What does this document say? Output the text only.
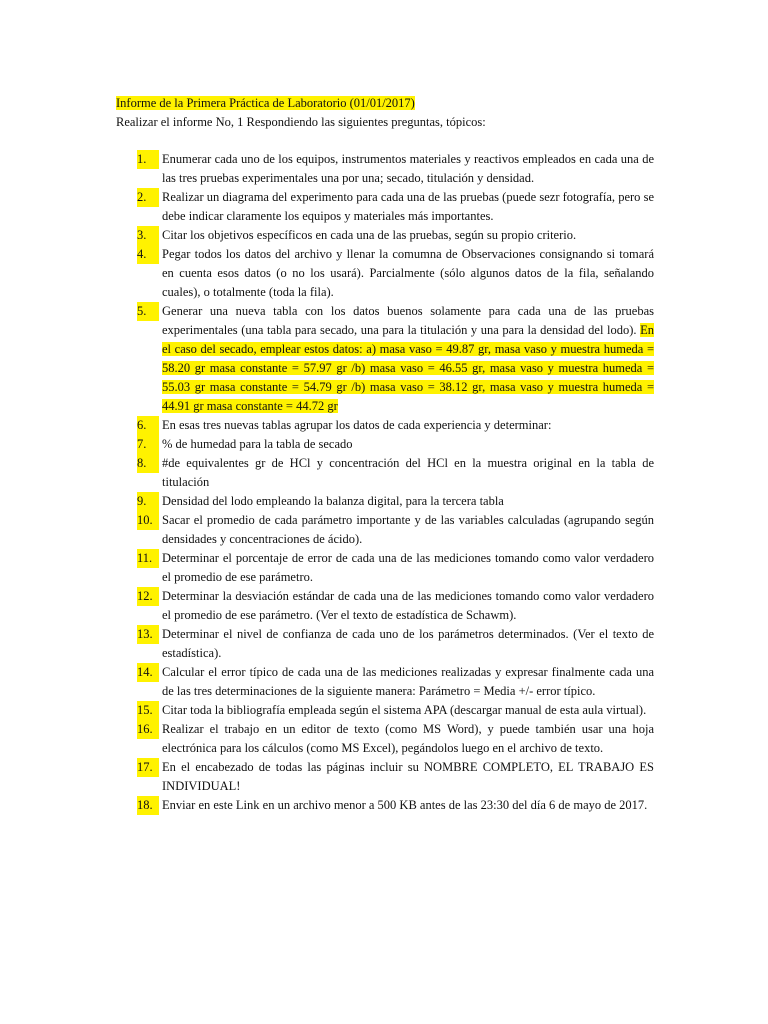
Informe de la Primera Práctica de Laboratorio (01/01/2017)

Realizar el informe No, 1 Respondiendo las siguientes preguntas, tópicos:

1.	Enumerar cada uno de los equipos, instrumentos materiales y reactivos empleados en cada una de las tres pruebas experimentales una por una; secado, titulación y densidad.
2.	Realizar un diagrama del experimento para cada una de las pruebas (puede sezr fotografía, pero se debe indicar claramente los equipos y materiales más importantes.
3.	Citar los objetivos específicos en cada una de las pruebas, según su propio criterio.
4.	Pegar todos los datos del archivo y llenar la comumna de Observaciones consignando si tomará en cuenta esos datos (o no los usará). Parcialmente (sólo algunos datos de la fila, señalando cuales), o totalmente (toda la fila).
5.	Generar una nueva tabla con los datos buenos solamente para cada una de las pruebas experimentales (una tabla para secado, una para la titulación y una para la densidad del lodo). En el caso del secado, emplear estos datos: a) masa vaso = 49.87 gr, masa vaso y muestra humeda = 58.20 gr masa constante = 57.97 gr /b) masa vaso = 46.55 gr, masa vaso y muestra humeda = 55.03 gr masa constante = 54.79 gr /b) masa vaso = 38.12 gr, masa vaso y muestra humeda = 44.91 gr masa constante = 44.72 gr
6.	En esas tres nuevas tablas agrupar los datos de cada experiencia y determinar:
7.	% de humedad para la tabla de secado
8.	#de equivalentes gr de HCl y concentración del HCl en la muestra original en la tabla de titulación
9.	Densidad del lodo empleando la balanza digital, para la tercera tabla
10. Sacar el promedio de cada parámetro importante y de las variables calculadas (agrupando según densidades y concentraciones de ácido).
11. Determinar el porcentaje de error de cada una de las mediciones tomando como valor verdadero el promedio de ese parámetro.
12. Determinar la desviación estándar de cada una de las mediciones tomando como valor verdadero el promedio de ese parámetro. (Ver el texto de estadística de Schawm).
13. Determinar el nivel de confianza de cada uno de los parámetros determinados. (Ver el texto de estadística).
14. Calcular el error típico de cada una de las mediciones realizadas y expresar finalmente cada una de las tres determinaciones de la siguiente manera: Parámetro = Media +/- error típico.
15. Citar toda la bibliografía empleada según el sistema APA (descargar manual de esta aula virtual).
16. Realizar el trabajo en un editor de texto (como MS Word), y puede también usar una hoja electrónica para los cálculos (como MS Excel), pegándolos luego en el archivo de texto.
17. En el encabezado de todas las páginas incluir su NOMBRE COMPLETO, EL TRABAJO ES INDIVIDUAL!
18. Enviar en este Link en un archivo menor a 500 KB antes de las 23:30 del día 6 de mayo de 2017.
